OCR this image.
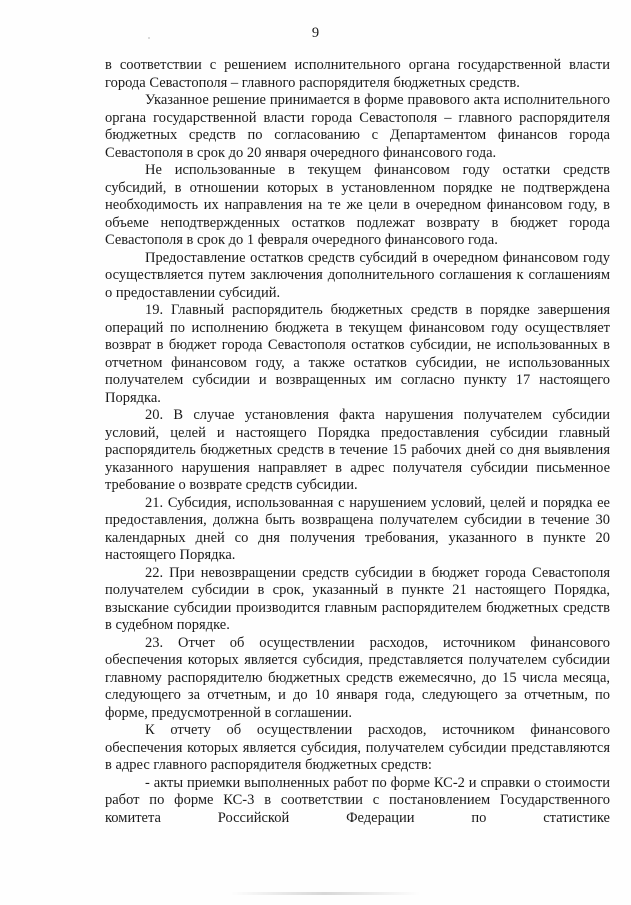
9

в соответствии с решением исполнительного органа государственной власти города Севастополя – главного распорядителя бюджетных средств.

Указанное решение принимается в форме правового акта исполнительного органа государственной власти города Севастополя – главного распорядителя бюджетных средств по согласованию с Департаментом финансов города Севастополя в срок до 20 января очередного финансового года.

Не использованные в текущем финансовом году остатки средств субсидий, в отношении которых в установленном порядке не подтверждена необходимость их направления на те же цели в очередном финансовом году, в объеме неподтвержденных остатков подлежат возврату в бюджет города Севастополя в срок до 1 февраля очередного финансового года.

Предоставление остатков средств субсидий в очередном финансовом году осуществляется путем заключения дополнительного соглашения к соглашениям о предоставлении субсидий.

19. Главный распорядитель бюджетных средств в порядке завершения операций по исполнению бюджета в текущем финансовом году осуществляет возврат в бюджет города Севастополя остатков субсидии, не использованных в отчетном финансовом году, а также остатков субсидии, не использованных получателем субсидии и возвращенных им согласно пункту 17 настоящего Порядка.

20. В случае установления факта нарушения получателем субсидии условий, целей и настоящего Порядка предоставления субсидии главный распорядитель бюджетных средств в течение 15 рабочих дней со дня выявления указанного нарушения направляет в адрес получателя субсидии письменное требование о возврате средств субсидии.

21. Субсидия, использованная с нарушением условий, целей и порядка ее предоставления, должна быть возвращена получателем субсидии в течение 30 календарных дней со дня получения требования, указанного в пункте 20 настоящего Порядка.

22. При невозвращении средств субсидии в бюджет города Севастополя получателем субсидии в срок, указанный в пункте 21 настоящего Порядка, взыскание субсидии производится главным распорядителем бюджетных средств в судебном порядке.

23. Отчет об осуществлении расходов, источником финансового обеспечения которых является субсидия, представляется получателем субсидии главному распорядителю бюджетных средств ежемесячно, до 15 числа месяца, следующего за отчетным, и до 10 января года, следующего за отчетным, по форме, предусмотренной в соглашении.

К отчету об осуществлении расходов, источником финансового обеспечения которых является субсидия, получателем субсидии представляются в адрес главного распорядителя бюджетных средств:

- акты приемки выполненных работ по форме КС-2 и справки о стоимости работ по форме КС-3 в соответствии с постановлением Государственного комитета Российской Федерации по статистике
